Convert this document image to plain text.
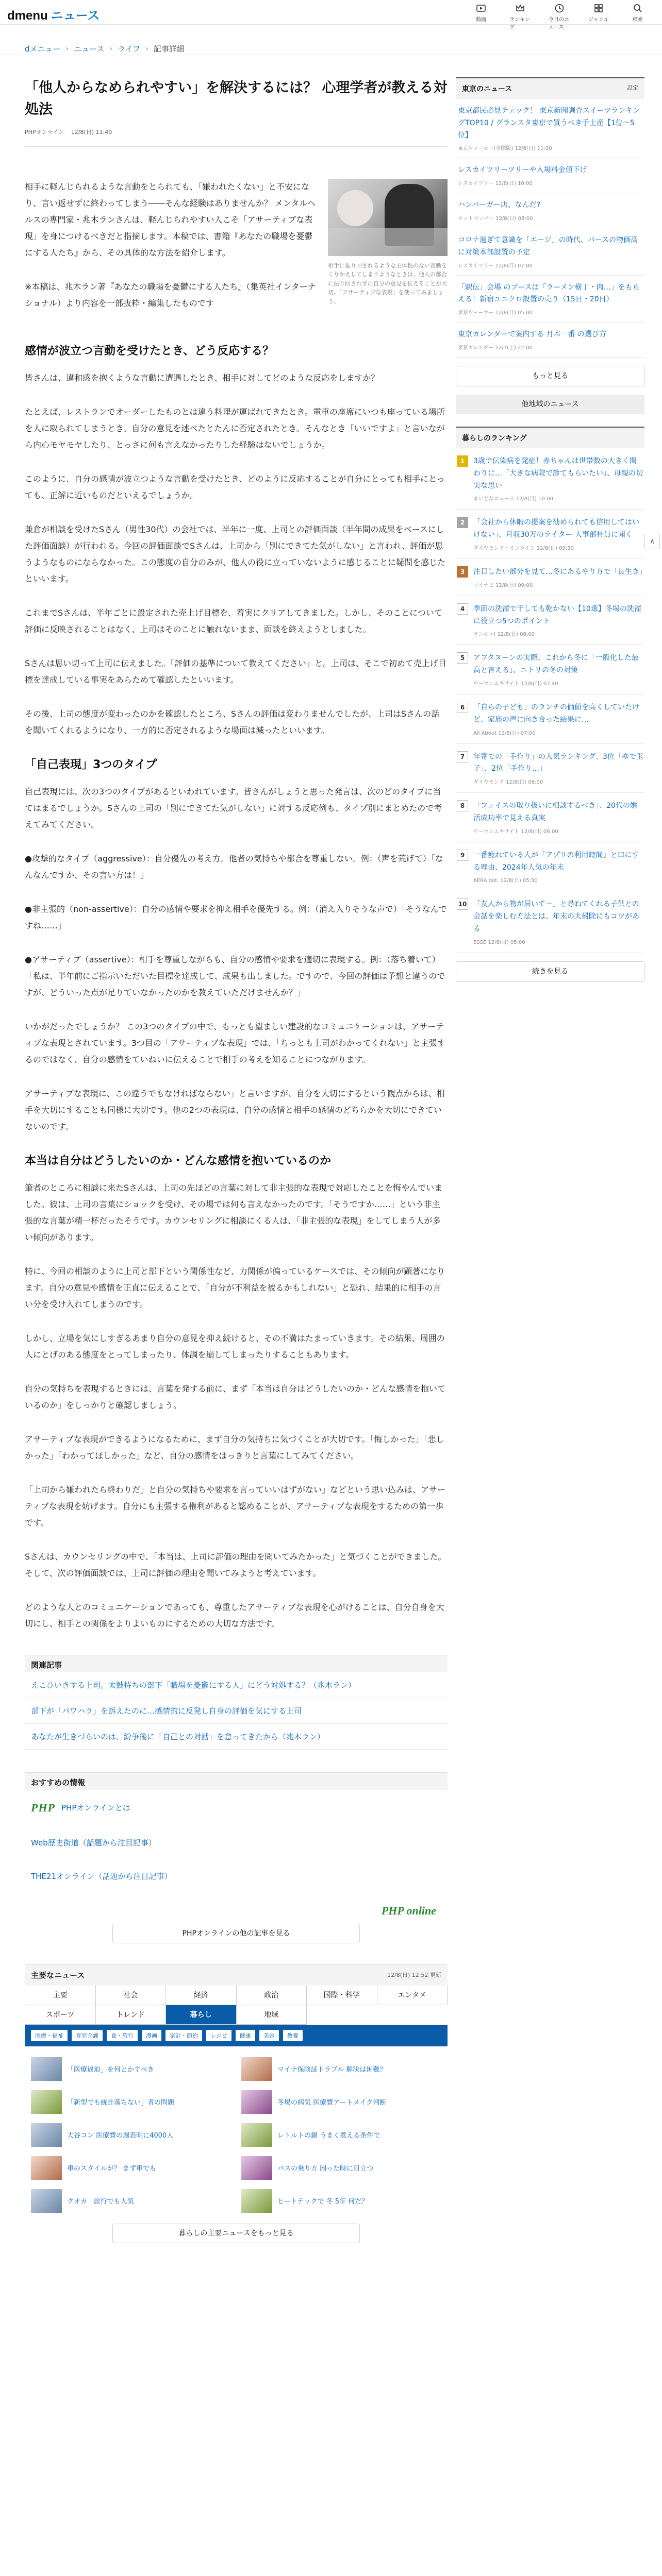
dmenu ニュース	動画	ランキング
今日のニュース
ジャンル	検索
dメニュー › ニュース › ライフ › 記事詳細
「他人からなめられやすい」を解決するには？ 心理学者が教える対処法
PHPオンライン 12/8(日) 11:40

相手に軽んじられるような言動をとられても、「嫌われたくない」と不安になり、言い返せずに終わってしまう――そんな経験はありませんか？ メンタルヘルスの専門家・兆木ランさんは、軽んじられやすい人こそ「アサーティブな表現」を身につけるべきだと指摘します。本稿では、書籍『あなたの職場を憂鬱にする人たち』から、その具体的な方法を紹介します。

※本稿は、兆木ラン著『あなたの職場を憂鬱にする人たち』（集英社インターナショナル）より内容を一部抜粋・編集したものです

相手に振り回されるような主体性のない言動をくりかえしてしまうようなときは、他人の都合に振り回されずに自分の意見を伝えることが大切。「アサーティブな表現」を使ってみましょう。
感情が波立つ言動を受けたとき、どう反応する？

皆さんは、違和感を抱くような言動に遭遇したとき、相手に対してどのような反応をしますか？

たとえば、レストランでオーダーしたものとは違う料理が運ばれてきたとき。電車の座席にいつも座っている場所を人に取られてしまうとき。自分の意見を述べたとたんに否定されたとき。そんなとき「いいですよ」と言いながら内心モヤモヤしたり、とっさに何も言えなかったりした経験はないでしょうか。

このように、自分の感情が波立つような言動を受けたとき、どのように反応することが自分にとっても相手にとっても、正解に近いものだといえるでしょうか。

兼倉が相談を受けたSさん（男性30代）の会社では、半年に一度、上司との評価面談（半年間の成果をベースにした評価面談）が行われる。今回の評価面談でSさんは、上司から「別にできてた気がしない」と言われ、評価が思うようなものにならなかった。この態度の自分のみが、他人の役に立っていないように感じることに疑問を感じたといいます。

これまでSさんは、半年ごとに設定された売上げ目標を、着実にクリアしてきました。しかし、そのことについて評価に反映されることはなく、上司はそのことに触れないまま、面談を終えようとしました。

Sさんは思い切って上司に伝えました。「評価の基準について教えてください」と。上司は、そこで初めて売上げ目標を達成している事実をあらためて確認したといいます。

その後、上司の態度が変わったのかを確認したところ、Sさんの評価は変わりませんでしたが、上司はSさんの話を聞いてくれるようになり、一方的に否定されるような場面は減ったといいます。

「自己表現」3つのタイプ

自己表現には、次の3つのタイプがあるといわれています。皆さんがしょうと思った発言は、次のどのタイプに当てはまるでしょうか。Sさんの上司の「別にできてた気がしない」に対する反応例も、タイプ別にまとめたので考えてみてください。

●攻撃的なタイプ（aggressive）：自分優先の考え方。他者の気持ちや都合を尊重しない。例：（声を荒げて）「なんなんですか、その言い方は！」

●非主張的（non-assertive）：自分の感情や要求を抑え相手を優先する。例：（消え入りそうな声で）「そうなんですね……」

●アサーティブ（assertive）：相手を尊重しながらも、自分の感情や要求を適切に表現する。例：（落ち着いて）「私は、半年前にご指示いただいた目標を達成して、成果も出しました。ですので、今回の評価は予想と違うのですが、どういった点が足りていなかったのかを教えていただけませんか？」

いかがだったでしょうか？ この3つのタイプの中で、もっとも望ましい建設的なコミュニケーションは、アサーティブな表現とされています。3つ目の「アサーティブな表現」では、「ちっとも上司がわかってくれない」と主張するのではなく、自分の感情をていねいに伝えることで相手の考えを知ることにつながります。

アサーティブな表現に、この違うでもなければならない」と言いますが、自分を大切にするという観点からは、相手を大切にすることも同様に大切です。他の2つの表現は、自分の感情と相手の感情のどちらかを大切にできていないのです。

本当は自分はどうしたいのか・どんな感情を抱いているのか

筆者のところに相談に来たSさんは、上司の先ほどの言葉に対して非主張的な表現で対応したことを悔やんでいました。彼は、上司の言葉にショックを受け、その場では何も言えなかったのです。「そうですか……」という非主張的な言葉が精一杯だったそうです。カウンセリングに相談にくる人は、「非主張的な表現」をしてしまう人が多い傾向があります。

特に、今回の相談のように上司と部下という関係性など、力関係が偏っているケースでは、その傾向が顕著になります。自分の意見や感情を正直に伝えることで、「自分が不利益を被るかもしれない」と恐れ、結果的に相手の言い分を受け入れてしまうのです。

しかし、立場を気にしすぎるあまり自分の意見を抑え続けると、その不満はたまっていきます。その結果、周囲の人にとげのある態度をとってしまったり、体調を崩してしまったりすることもあります。

自分の気持ちを表現するときには、言葉を発する前に、まず「本当は自分はどうしたいのか・どんな感情を抱いているのか」をしっかりと確認しましょう。

アサーティブな表現ができるようになるために、まず自分の気持ちに気づくことが大切です。「悔しかった」「悲しかった」「わかってほしかった」など、自分の感情をはっきりと言葉にしてみてください。

「上司から嫌われたら終わりだ」と自分の気持ちや要求を言っていいはずがない」などという思い込みは、アサーティブな表現を妨げます。自分にも主張する権利があると認めることが、アサーティブな表現をするための第一歩です。

Sさんは、カウンセリングの中で、「本当は、上司に評価の理由を聞いてみたかった」と気づくことができました。そして、次の評価面談では、上司に評価の理由を聞いてみようと考えています。

どのような人とのコミュニケーションであっても、尊重したアサーティブな表現を心がけることは、自分自身を大切にし、相手との関係をよりよいものにするための大切な方法です。

関連記事
えこひいきする上司。太鼓持ちの部下「職場を憂鬱にする人」にどう対処する？（兆木ラン）
部下が「パワハラ」を訴えたのに…感情的に反発し自身の評価を気にする上司
あなたが生きづらいのは、紛争後に「自己との対話」を怠ってきたから（兆木ラン）
おすすめの情報
PHP PHPオンラインとは
Web歴史街道（話題から注目記事）
THE21オンライン（話題から注目記事）
PHP online
PHPオンラインの他の記事を見る
主要なニュース	12/8(日) 12:52 更新
主要	社会	経済	政治	国際・科学	エンタメ
スポーツ	トレンド	暮らし	地域
医療・福祉	育児介護	食・旅行	漫画	家計・節約	レジピ	健康	美容	教養
「医療逼迫」を何とかすべき	マイナ保険証トラブル 解決は困難？
「新型でも統計落ちない」者の問題	冬場の病気 医療費アートメイク判断
大谷コン 医療費の週表明に4000人	レトルトの鍋 うまく煮える条件で
車のスタイルが？ まず車でも	バスの乗り方 困った時に目立つ
クオカ　旅行でも人気	ヒートテックで 冬 5年 何だ？
暮らしの主要ニュースをもっと見る
東京のニュース	設定
東京都民必見チェック！ 東京新聞調査スイーツランキングTOP10 / グランスタ東京で買うべき手土産【1位～5位】
東京ウォーカー(全国版) 12/8(日) 11:30
レスカイツリーツリーや入場料金値下げ
レスカイツリー 12/8(日) 10:00
ハンバーガー店、なんだ?
ホットペッパー 12/8(日) 08:00
コロナ過ぎて意識を「エージ」の時代、パースの物価高に対策本部設置の予定
レスカイツリー 12/8(日) 07:00
「駅伝」会場 のブースは「ラーメン横丁・肉…」をもらえる！新宿ユニクロ設置の売り（15日・20日）
東京ウォーカー 12/8(日) 05:00
東京カレンダーで案内する 月本一番 の選び方
東京カレンダー 12/7(土) 22:00
もっと見る
他地域のニュース
暮らしのランキング
1	3歳で伝染病を発症！赤ちゃんは世帯数の大きく関わりに…「大きな病院で診てもらいたい」、母親の切実な思い
まいどなニュース 12/8(日) 10:00
2	「会社から休暇の提案を勧められても信用してはいけない」、月収30万のライター 人事部社員に聞く
ダイヤモンド・オンライン 12/8(日) 09:30
3	注目したい部分を見て…冬にあるやり方で「長生き」
マイナビ 12/8(日) 09:00
4	季節の洗濯で干しても乾かない【10選】冬場の洗濯に役立つ5つのポイント
サンキュ! 12/8(日) 08:00
5	アフタヌーンの実際、これから冬に「一般化した最高と言える」、ニトリの冬の対策
ウーマンエキサイト 12/8(日) 07:40
6	「自らの子ども」のランチの価値を高くしていたけど、家族の声に向き合った結果に…
All About 12/8(日) 07:00
7	年寄での「手作り」の人気ランキング、3位「ゆで玉子」、2位「手作り…」
ダイヤモンド 12/8(日) 06:00
8	「フェイスの取り扱いに相談するべき」、20代の婚活成功率で見える真実
ウーマンエキサイト 12/8(日) 06:00
9	一番疲れている人が「アプリの利用時間」と口にする理由、2024年人気の年末
AERA dot. 12/8(日) 05:30
10 「友人から物が届いて～」と尋ねてくれる子供との会話を楽しむ方法とは、年末の大掃除にもコツがある
ESSE 12/8(日) 05:00
続きを見る
∧
